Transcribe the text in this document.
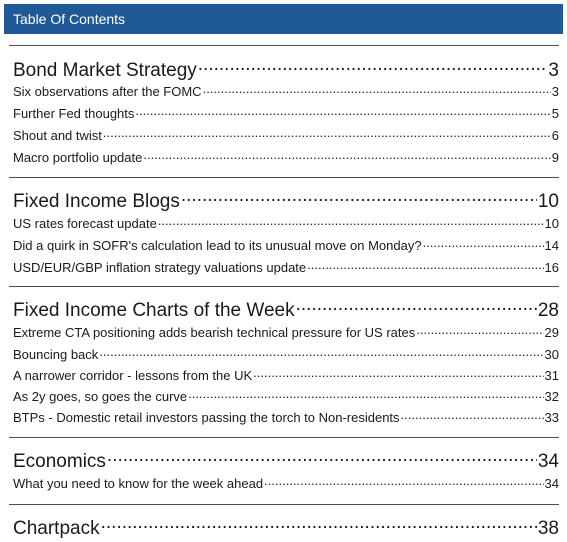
Table Of Contents
Bond Market Strategy .....	3
Six observations after the FOMC .....	3
Further Fed thoughts .....	5
Shout and twist .....	6
Macro portfolio update .....	9
Fixed Income Blogs .....	10
US rates forecast update .....	10
Did a quirk in SOFR's calculation lead to its unusual move on Monday? .....	14
USD/EUR/GBP inflation strategy valuations update .....	16
Fixed Income Charts of the Week .....	28
Extreme CTA positioning adds bearish technical pressure for US rates .....	29
Bouncing back .....	30
A narrower corridor - lessons from the UK .....	31
As 2y goes, so goes the curve .....	32
BTPs - Domestic retail investors passing the torch to Non-residents .....	33
Economics .....	34
What you need to know for the week ahead .....	34
Chartpack .....	38
